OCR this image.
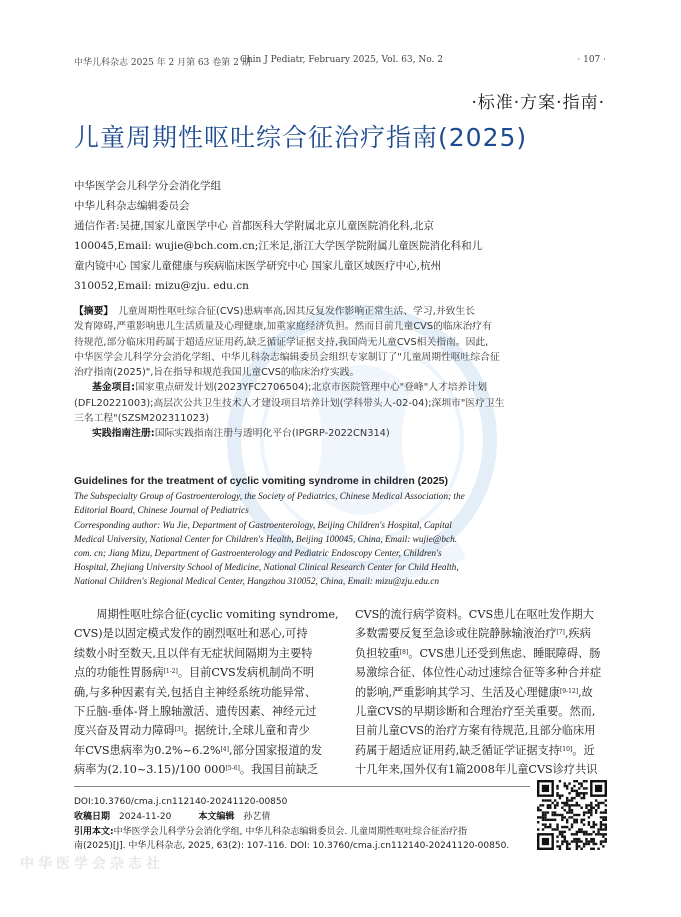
中华儿科杂志 2025 年 2 月第 63 卷第 2 期
Chin J Pediatr, February 2025, Vol. 63, No. 2	· 107 ·
·标准·方案·指南·
儿童周期性呕吐综合征治疗指南(2025)
中华医学会儿科学分会消化学组
中华儿科杂志编辑委员会
通信作者:吴捷,国家儿童医学中心 首都医科大学附属北京儿童医院消化科,北京
100045,Email: wujie@bch.com.cn;江米足,浙江大学医学院附属儿童医院消化科和儿
童内镜中心 国家儿童健康与疾病临床医学研究中心 国家儿童区域医疗中心,杭州
310052,Email: mizu@zju. edu.cn
【摘要】　 儿童周期性呕吐综合征(CVS)患病率高,因其反复发作影响正常生活、学习,并致生长
发育障碍,严重影响患儿生活质量及心理健康,加重家庭经济负担。然而目前儿童CVS的临床治疗有
待规范,部分临床用药属于超适应证用药,缺乏循证学证据支持,我国尚无儿童CVS相关指南。因此,
中华医学会儿科学分会消化学组、中华儿科杂志编辑委员会组织专家制订了"儿童周期性呕吐综合征
治疗指南(2025)",旨在指导和规范我国儿童CVS的临床治疗实践。
基金项目:国家重点研发计划(2023YFC2706504);北京市医院管理中心"登峰"人才培养计划
(DFL20221003);高层次公共卫生技术人才建设项目培养计划(学科带头人-02-04);深圳市"医疗卫生
三名工程"(SZSM202311023)
实践指南注册:国际实践指南注册与透明化平台(IPGRP-2022CN314)
Guidelines for the treatment of cyclic vomiting syndrome in children (2025)
The Subspecialty Group of Gastroenterology, the Society of Pediatrics, Chinese Medical Association; the
Editorial Board, Chinese Journal of Pediatrics
Corresponding author: Wu Jie, Department of Gastroenterology, Beijing Children's Hospital, Capital
Medical University, National Center for Children's Health, Beijing 100045, China, Email: wujie@bch.
com. cn; Jiang Mizu, Department of Gastroenterology and Pediatric Endoscopy Center, Children's
Hospital, Zhejiang University School of Medicine, National Clinical Research Center for Child Health,
National Children's Regional Medical Center, Hangzhou 310052, China, Email: mizu@zju.edu.cn
　　周期性呕吐综合征(cyclic vomiting syndrome,
CVS)是以固定模式发作的剧烈呕吐和恶心,可持
续数小时至数天,且以伴有无症状间隔期为主要特
点的功能性胃肠病[1-2]。目前CVS发病机制尚不明
确,与多种因素有关,包括自主神经系统功能异常、
下丘脑-垂体-肾上腺轴激活、遗传因素、神经元过
度兴奋及胃动力障碍[3]。据统计,全球儿童和青少
年CVS患病率为0.2%~6.2%[4],部分国家报道的发
病率为(2.10~3.15)/100 000[5-6]。我国目前缺乏
CVS的流行病学资料。CVS患儿在呕吐发作期大
多数需要反复至急诊或住院静脉输液治疗[7],疾病
负担较重[8]。CVS患儿还受到焦虑、睡眠障碍、肠
易激综合征、体位性心动过速综合征等多种合并症
的影响,严重影响其学习、生活及心理健康[9-12],故
儿童CVS的早期诊断和合理治疗至关重要。然而,
目前儿童CVS的治疗方案有待规范,且部分临床用
药属于超适应证用药,缺乏循证学证据支持[10]。近
十几年来,国外仅有1篇2008年儿童CVS诊疗共识
DOI:10.3760/cma.j.cn112140-20241120-00850
收稿日期　 2024-11-20　　　	本文编辑　 孙艺倩
引用本文:中华医学会儿科学分会消化学组, 中华儿科杂志编辑委员会. 儿童周期性呕吐综合征治疗指
南(2025)[J]. 中华儿科杂志, 2025, 63(2): 107-116. DOI: 10.3760/cma.j.cn112140-20241120-00850.
中华医学会杂志社
